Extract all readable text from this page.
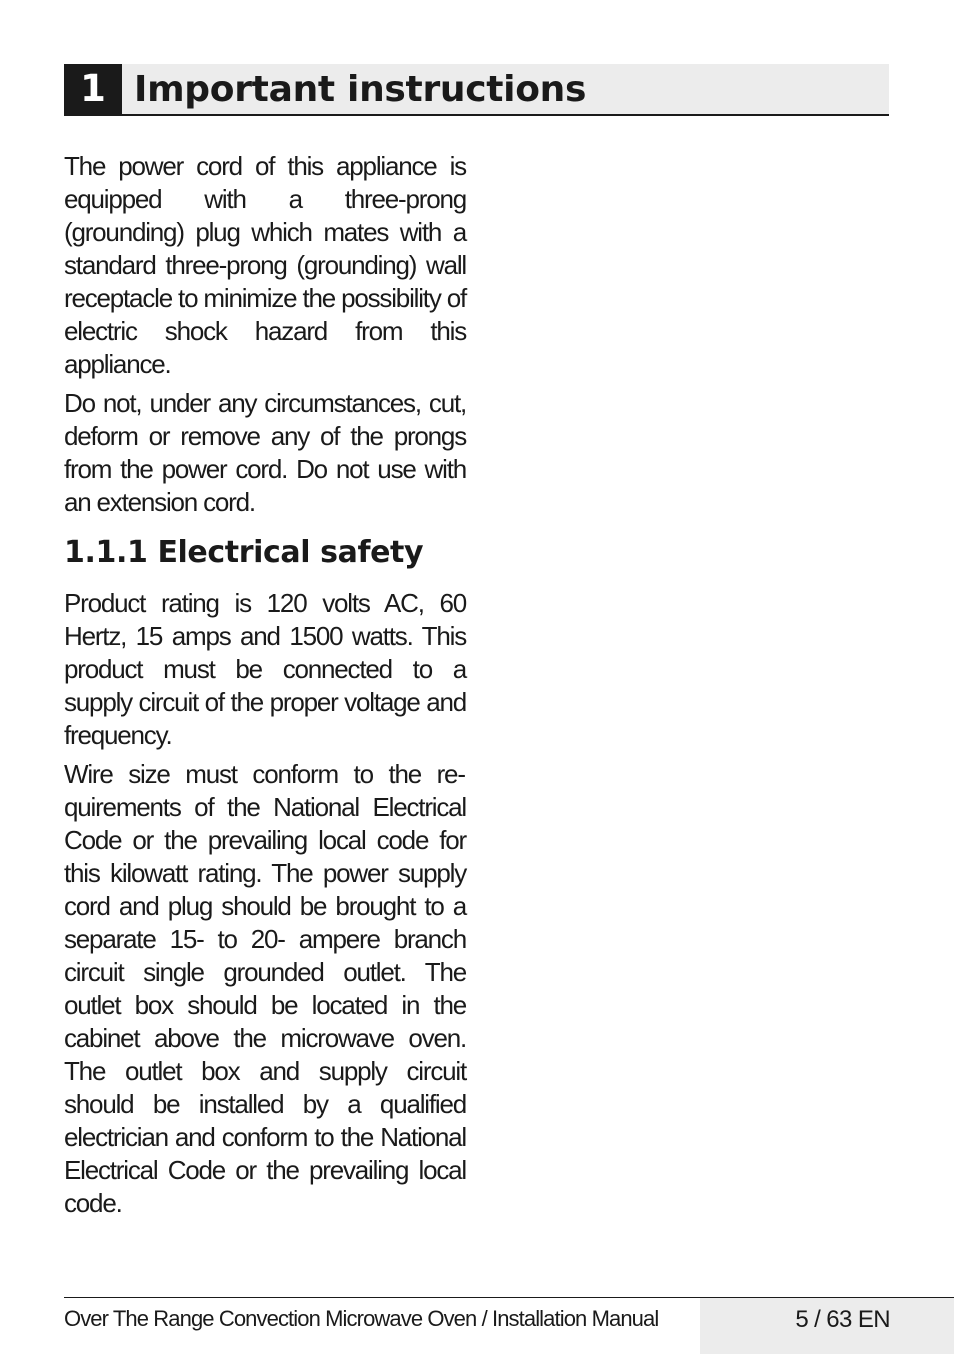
1 Important instructions

The power cord of this appliance is equipped with a three-prong (grounding) plug which mates with a standard three-prong (grounding) wall receptacle to minimize the possibility of electric shock hazard from this appliance.

Do not, under any circumstances, cut, deform or remove any of the prongs from the power cord. Do not use with an extension cord.

1.1.1 Electrical safety

Product rating is 120 volts AC, 60 Hertz, 15 amps and 1500 watts. This product must be connected to a supply circuit of the proper voltage and frequency.

Wire size must conform to the requirements of the National Electrical Code or the prevailing local code for this kilowatt rating. The power supply cord and plug should be brought to a separate 15- to 20- ampere branch circuit single grounded outlet. The outlet box should be located in the cabinet above the microwave oven. The outlet box and supply circuit should be installed by a qualified electrician and conform to the National Electrical Code or the prevailing local code.

Over The Range Convection Microwave Oven / Installation Manual	5 / 63 EN
